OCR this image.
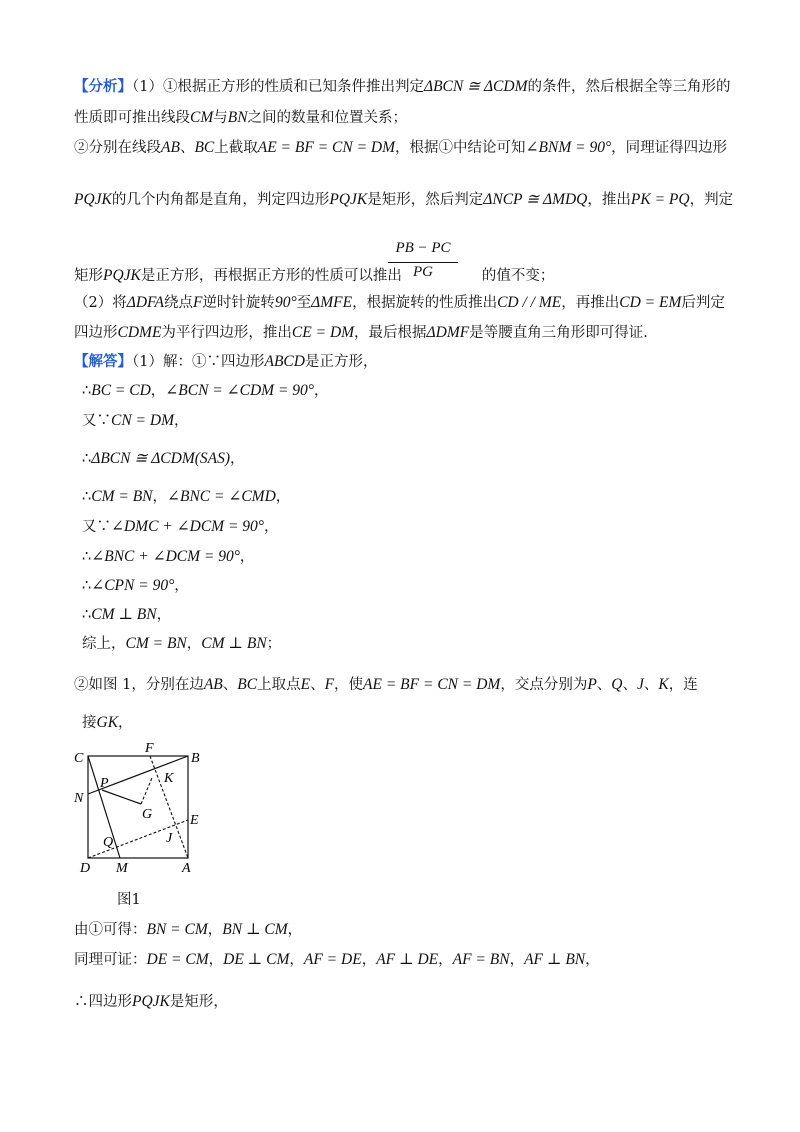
【分析】（1）①根据正方形的性质和已知条件推出判定ΔBCN ≅ ΔCDM的条件，然后根据全等三角形的
性质即可推出线段CM与BN之间的数量和位置关系；
②分别在线段AB、BC上截取AE = BF = CN = DM，根据①中结论可知∠BNM = 90°，同理证得四边形
PQJK的几个内角都是直角，判定四边形PQJK是矩形，然后判定ΔNCP ≅ ΔMDQ，推出PK = PQ，判定
PB − PC
PG
矩形PQJK是正方形，再根据正方形的性质可以推出	的值不变；
（2）将ΔDFA绕点F逆时针旋转90°至ΔMFE，根据旋转的性质推出CD / / ME，再推出CD = EM后判定
四边形CDME为平行四边形，推出CE = DM，最后根据ΔDMF是等腰直角三角形即可得证.
【解答】（1）解：①∵四边形ABCD是正方形，
∴BC = CD，∠BCN = ∠CDM = 90°，
又∵CN = DM，
∴ΔBCN ≅ ΔCDM(SAS)，
∴CM = BN，∠BNC = ∠CMD，
又∵∠DMC + ∠DCM = 90°，
∴∠BNC + ∠DCM = 90°，
∴∠CPN = 90°，
∴CM ⊥ BN，
综上，CM = BN，CM ⊥ BN；
②如图 1，分别在边AB、BC上取点E、F，使AE = BF = CN = DM，交点分别为P、Q、J、K，连
接GK，
C
F
B
P	K
N
G	E
Q	J
D M	A
图1
由①可得：BN = CM，BN ⊥ CM，
同理可证：DE = CM，DE ⊥ CM，AF = DE，AF ⊥ DE，AF = BN，AF ⊥ BN，
∴四边形PQJK是矩形，
